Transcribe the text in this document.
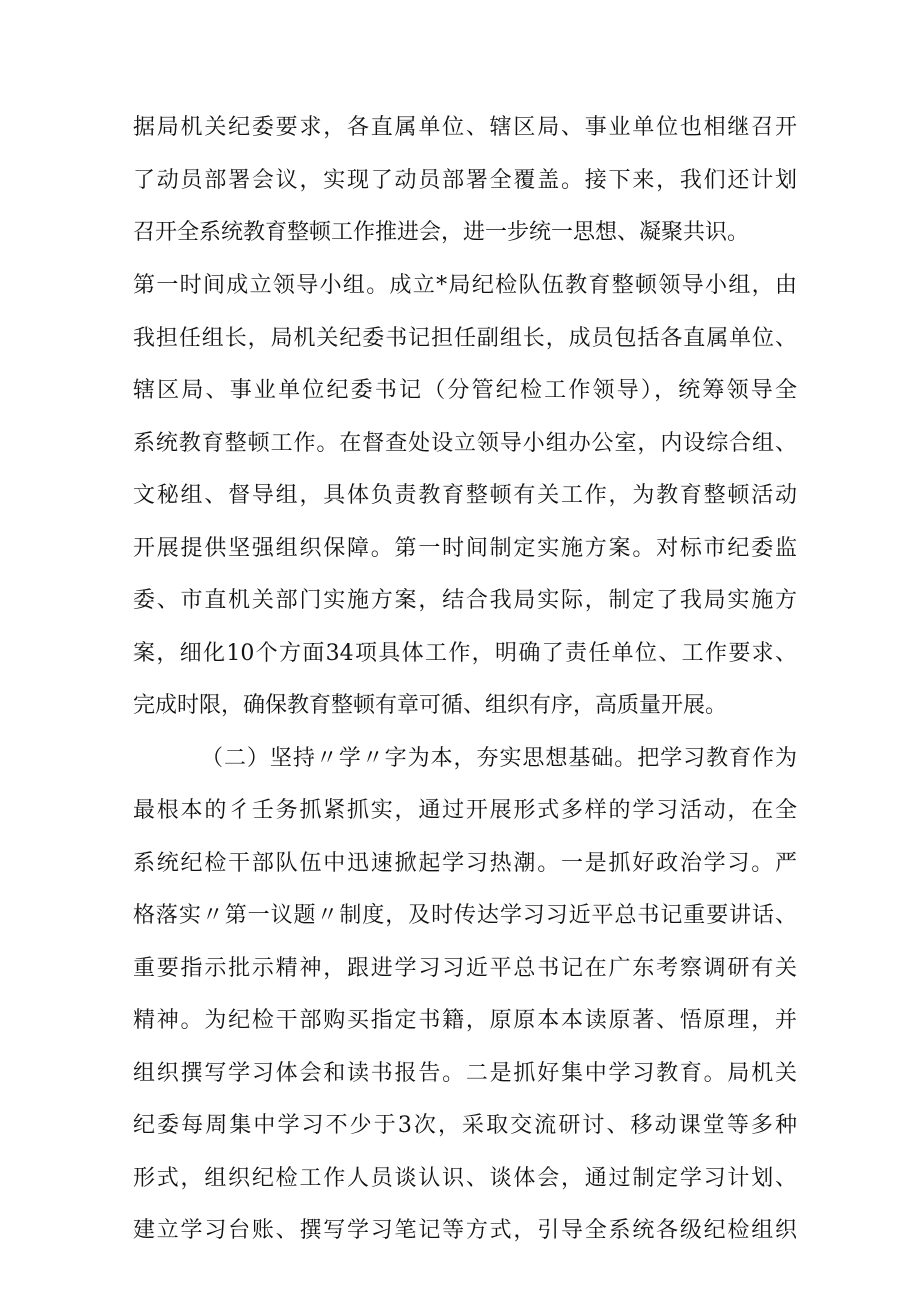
据局机关纪委要求，各直属单位、辖区局、事业单位也相继召开
了动员部署会议，实现了动员部署全覆盖。接下来，我们还计划
召开全系统教育整顿工作推进会，进一步统一思想、凝聚共识。
第一时间成立领导小组。成立*局纪检队伍教育整顿领导小组，由
我担任组长，局机关纪委书记担任副组长，成员包括各直属单位、
辖区局、事业单位纪委书记（分管纪检工作领导），统筹领导全
系统教育整顿工作。在督查处设立领导小组办公室，内设综合组、
文秘组、督导组，具体负责教育整顿有关工作，为教育整顿活动
开展提供坚强组织保障。第一时间制定实施方案。对标市纪委监
委、市直机关部门实施方案，结合我局实际，制定了我局实施方
案，细化10个方面34项具体工作，明确了责任单位、工作要求、
完成时限，确保教育整顿有章可循、组织有序，高质量开展。
（二）坚持〃学〃字为本，夯实思想基础。把学习教育作为
最根本的彳壬务抓紧抓实，通过开展形式多样的学习活动，在全
系统纪检干部队伍中迅速掀起学习热潮。一是抓好政治学习。严
格落实〃第一议题〃制度，及时传达学习习近平总书记重要讲话、
重要指示批示精神，跟进学习习近平总书记在广东考察调研有关
精神。为纪检干部购买指定书籍，原原本本读原著、悟原理，并
组织撰写学习体会和读书报告。二是抓好集中学习教育。局机关
纪委每周集中学习不少于3次，采取交流研讨、移动课堂等多种
形式，组织纪检工作人员谈认识、谈体会，通过制定学习计划、
建立学习台账、撰写学习笔记等方式，引导全系统各级纪检组织
